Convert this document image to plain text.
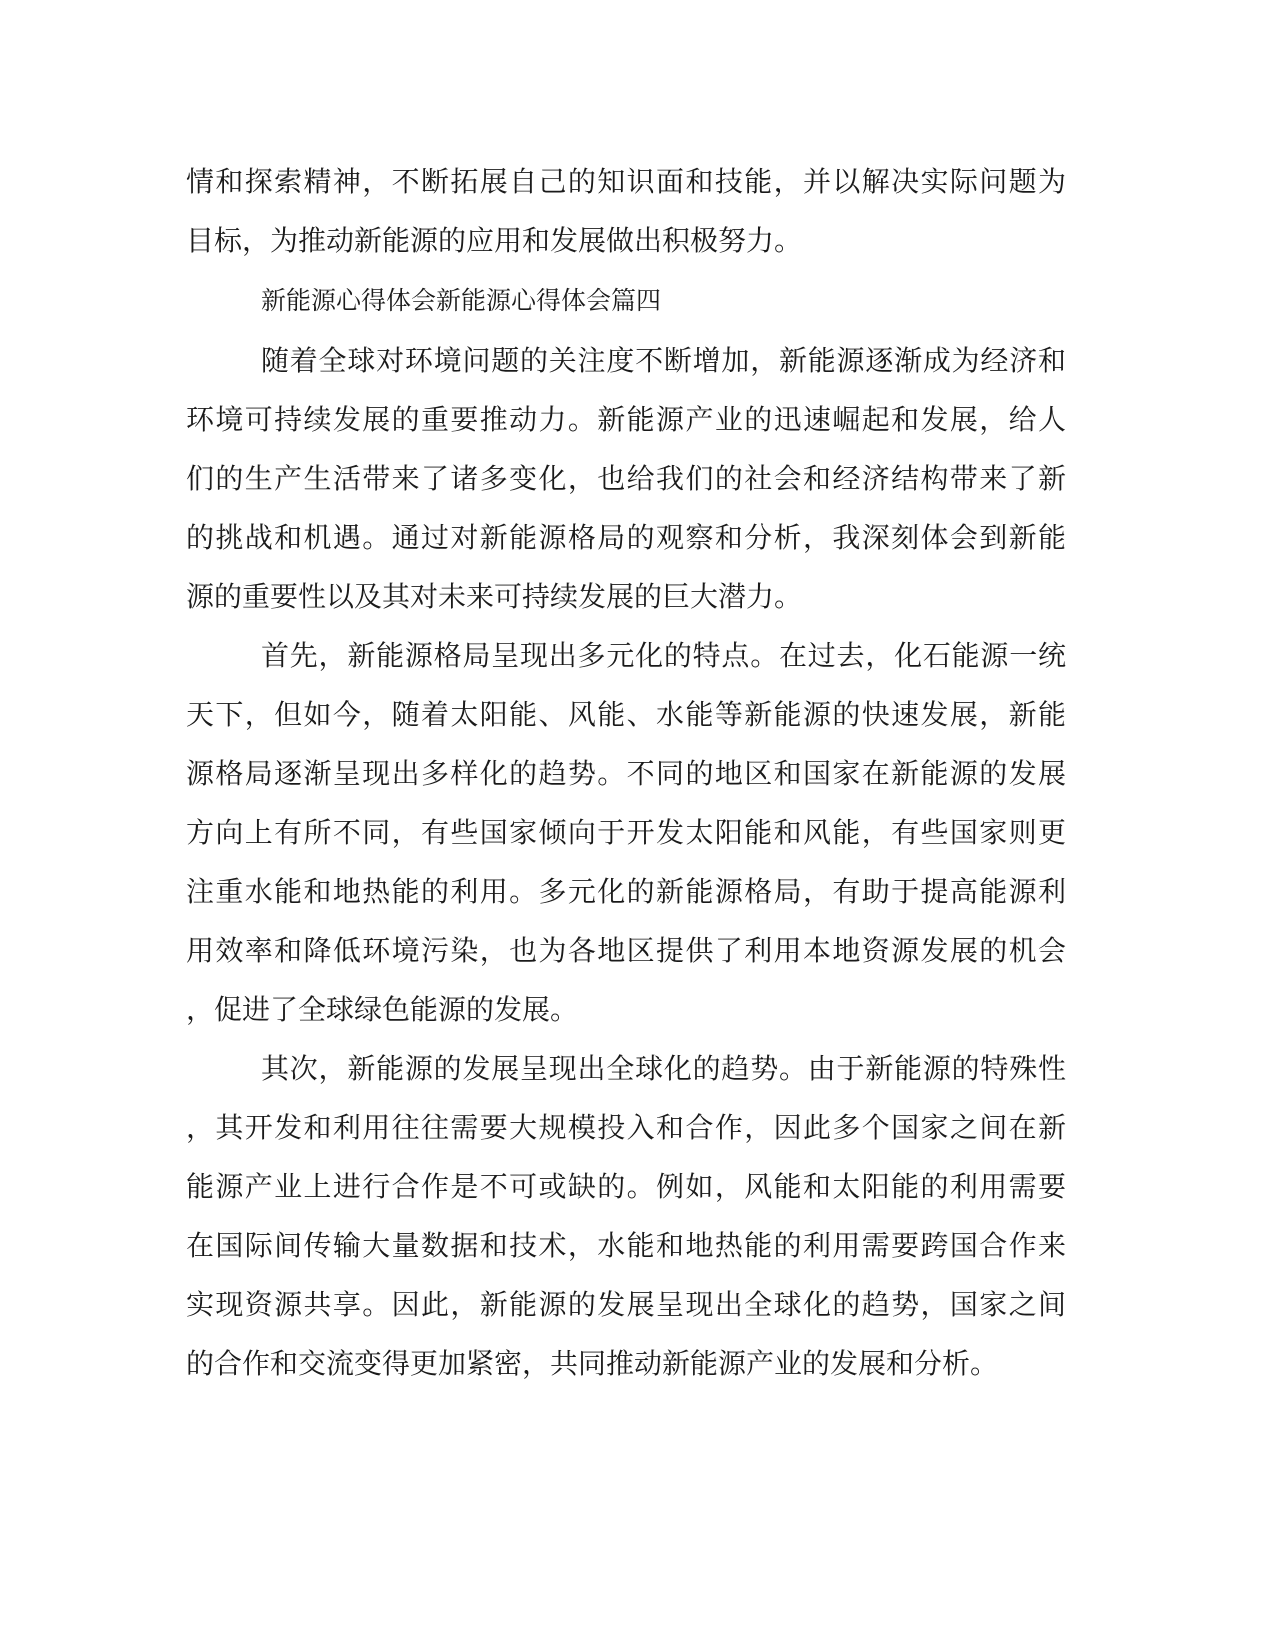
情和探索精神，不断拓展自己的知识面和技能，并以解决实际问题为
目标，为推动新能源的应用和发展做出积极努力。
新能源心得体会新能源心得体会篇四
随着全球对环境问题的关注度不断增加，新能源逐渐成为经济和
环境可持续发展的重要推动力。新能源产业的迅速崛起和发展，给人
们的生产生活带来了诸多变化，也给我们的社会和经济结构带来了新
的挑战和机遇。通过对新能源格局的观察和分析，我深刻体会到新能
源的重要性以及其对未来可持续发展的巨大潜力。
首先，新能源格局呈现出多元化的特点。在过去，化石能源一统
天下，但如今，随着太阳能、风能、水能等新能源的快速发展，新能
源格局逐渐呈现出多样化的趋势。不同的地区和国家在新能源的发展
方向上有所不同，有些国家倾向于开发太阳能和风能，有些国家则更
注重水能和地热能的利用。多元化的新能源格局，有助于提高能源利
用效率和降低环境污染，也为各地区提供了利用本地资源发展的机会
，促进了全球绿色能源的发展。
其次，新能源的发展呈现出全球化的趋势。由于新能源的特殊性
，其开发和利用往往需要大规模投入和合作，因此多个国家之间在新
能源产业上进行合作是不可或缺的。例如，风能和太阳能的利用需要
在国际间传输大量数据和技术，水能和地热能的利用需要跨国合作来
实现资源共享。因此，新能源的发展呈现出全球化的趋势，国家之间
的合作和交流变得更加紧密，共同推动新能源产业的发展和分析。
